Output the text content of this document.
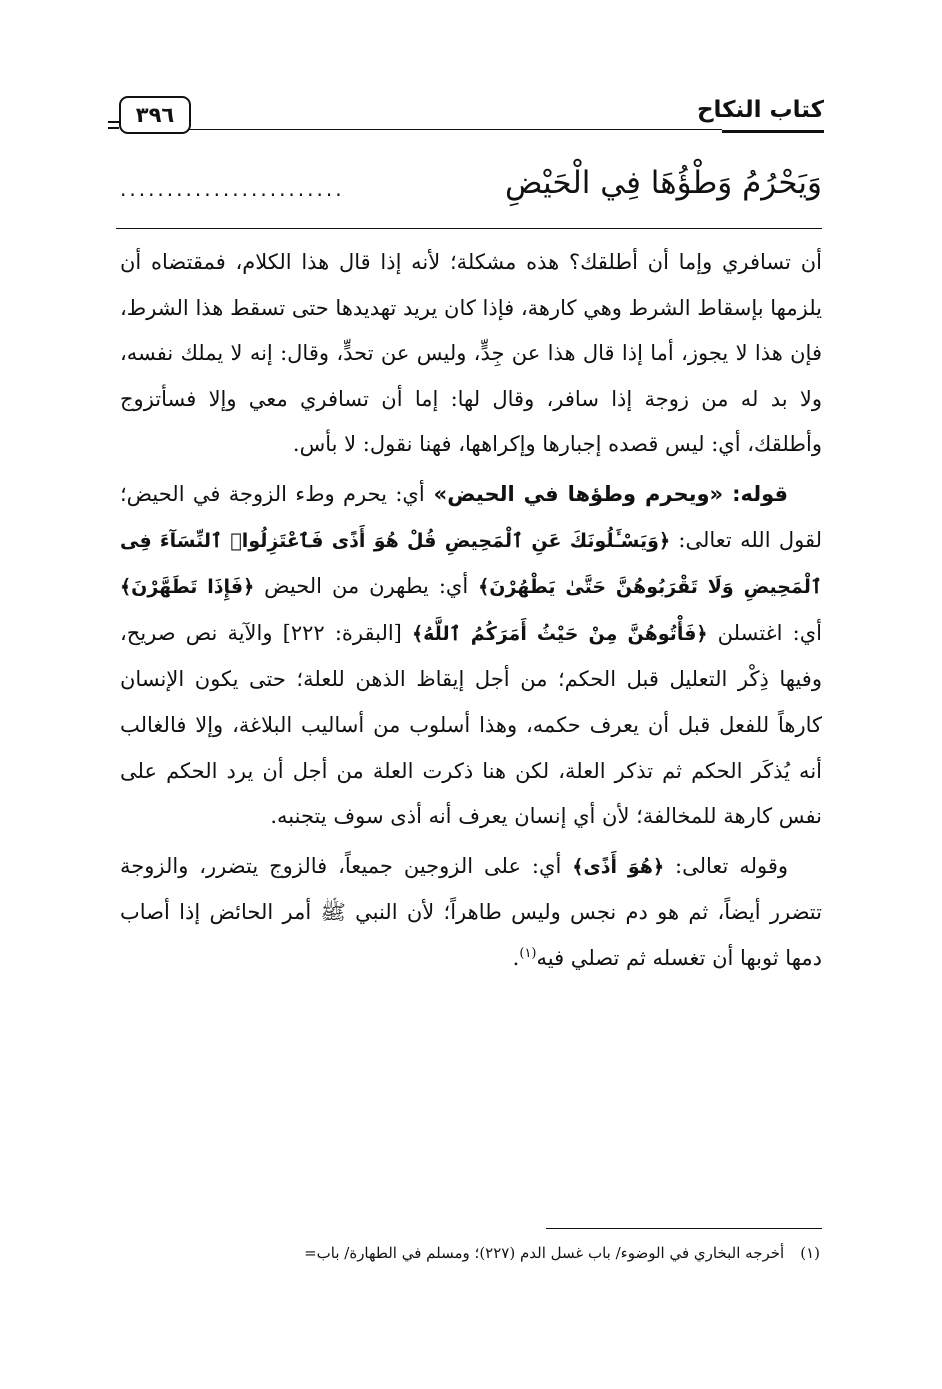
كتاب النكاح
٣٩٦
وَيَحْرُمُ وَطْؤُهَا فِي الْحَيْضِ
........................

أن تسافري وإما أن أطلقك؟ هذه مشكلة؛ لأنه إذا قال هذا الكلام، فمقتضاه أن يلزمها بإسقاط الشرط وهي كارهة، فإذا كان يريد تهديدها حتى تسقط هذا الشرط، فإن هذا لا يجوز، أما إذا قال هذا عن جِدٍّ، وليس عن تحدٍّ، وقال: إنه لا يملك نفسه، ولا بد له من زوجة إذا سافر، وقال لها: إما أن تسافري معي وإلا فسأتزوج وأطلقك، أي: ليس قصده إجبارها وإكراهها، فهنا نقول: لا بأس.

قوله: «ويحرم وطؤها في الحيض» أي: يحرم وطء الزوجة في الحيض؛ لقول الله تعالى: ﴿وَيَسْـَٔلُونَكَ عَنِ ٱلْمَحِيضِ قُلْ هُوَ أَذًى فَٱعْتَزِلُوا۟ ٱلنِّسَآءَ فِى ٱلْمَحِيضِ وَلَا تَقْرَبُوهُنَّ حَتَّىٰ يَطْهُرْنَ﴾ أي: يطهرن من الحيض ﴿فَإِذَا تَطَهَّرْنَ﴾ أي: اغتسلن ﴿فَأْتُوهُنَّ مِنْ حَيْثُ أَمَرَكُمُ ٱللَّهُ﴾ [البقرة: ٢٢٢] والآية نص صريح، وفيها ذِكْر التعليل قبل الحكم؛ من أجل إيقاظ الذهن للعلة؛ حتى يكون الإنسان كارهاً للفعل قبل أن يعرف حكمه، وهذا أسلوب من أساليب البلاغة، وإلا فالغالب أنه يُذكَر الحكم ثم تذكر العلة، لكن هنا ذكرت العلة من أجل أن يرد الحكم على نفس كارهة للمخالفة؛ لأن أي إنسان يعرف أنه أذى سوف يتجنبه.

وقوله تعالى: ﴿هُوَ أَذًى﴾ أي: على الزوجين جميعاً، فالزوج يتضرر، والزوجة تتضرر أيضاً، ثم هو دم نجس وليس طاهراً؛ لأن النبي ﷺ أمر الحائض إذا أصاب دمها ثوبها أن تغسله ثم تصلي فيه$^{(١)}$.

(١)أخرجه البخاري في الوضوء/ باب غسل الدم (٢٢٧)؛ ومسلم في الطهارة/ باب=
